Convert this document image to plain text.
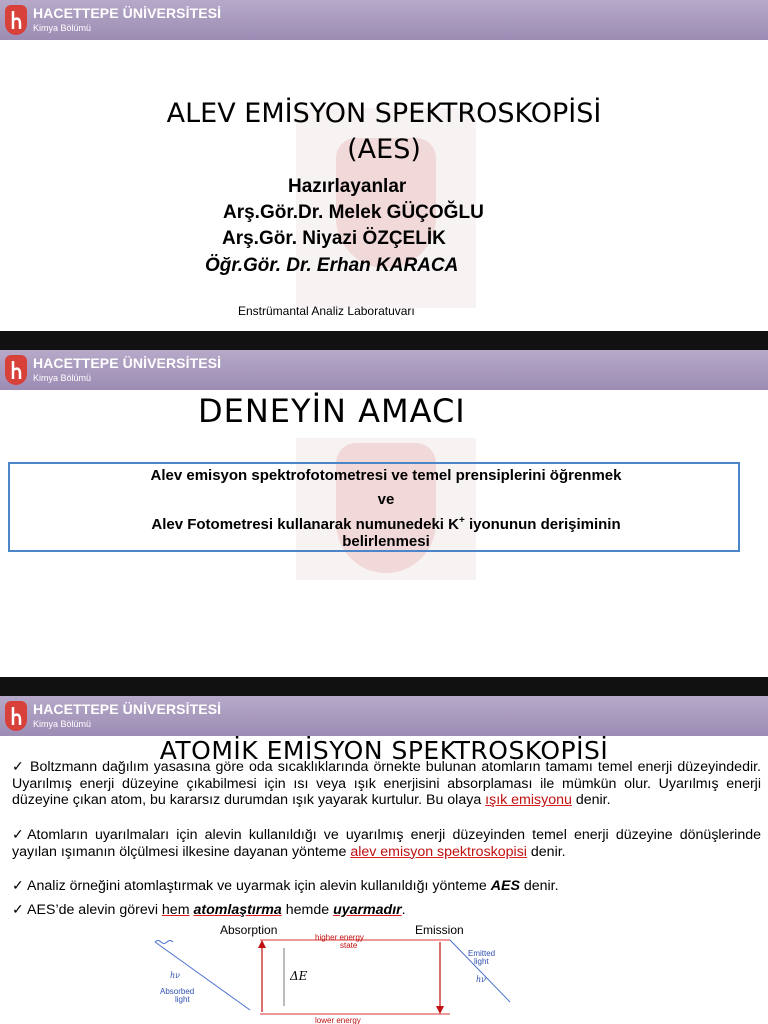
HACETTEPE ÜNİVERSİTESİ
Kimya Bölümü
ALEV EMİSYON SPEKTROSKOPİSİ
(AES)
Hazırlayanlar
Arş.Gör.Dr. Melek GÜÇOĞLU
Arş.Gör. Niyazi ÖZÇELİK
Öğr.Gör. Dr. Erhan KARACA
Enstrümantal Analiz Laboratuvarı
HACETTEPE ÜNİVERSİTESİ
Kimya Bölümü
DENEYİN AMACI
Alev emisyon spektrofotometresi ve temel prensiplerini öğrenmek
ve
Alev Fotometresi kullanarak numunedeki K+ iyonunun derişiminin
belirlenmesi
HACETTEPE ÜNİVERSİTESİ
Kimya Bölümü
ATOMİK EMİSYON SPEKTROSKOPİSİ
✓ Boltzmann dağılım yasasına göre oda sıcaklıklarında örnekte bulunan atomların tamamı temel enerji düzeyindedir. Uyarılmış enerji düzeyine çıkabilmesi için ısı veya ışık enerjisini absorplaması ile mümkün olur. Uyarılmış enerji düzeyine çıkan atom, bu kararsız durumdan ışık yayarak kurtulur. Bu olaya ışık emisyonu denir.
✓Atomların uyarılmaları için alevin kullanıldığı ve uyarılmış enerji düzeyinden temel enerji düzeyine dönüşlerinde yayılan ışımanın ölçülmesi ilkesine dayanan yönteme alev emisyon spektroskopisi denir.
✓ Analiz örneğini atomlaştırmak ve uyarmak için alevin kullanıldığı yönteme AES denir.
✓ AES’de alevin görevi hem atomlaştırma hemde uyarmadır.
Absorption	Emission
higher energy
state
lower energy
ΔE
hν	hν
Absorbed
light
Emitted
light
